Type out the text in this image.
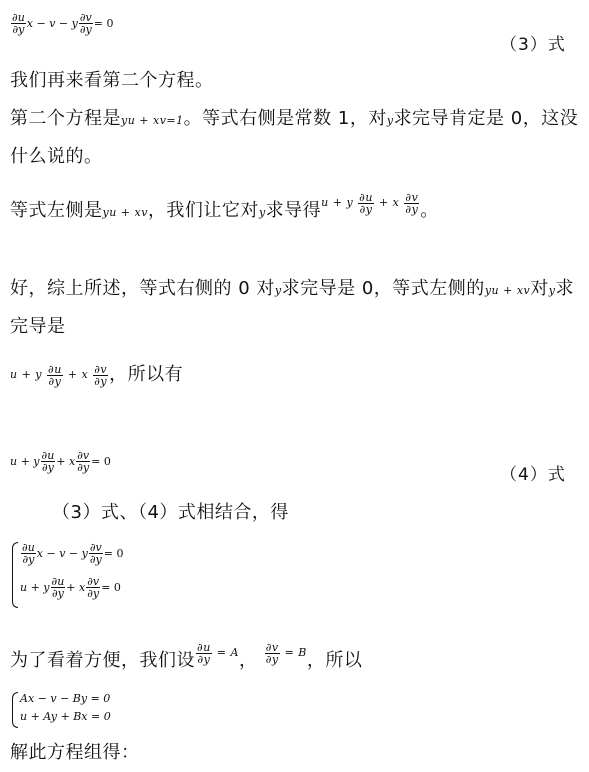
$\frac{\partial u}{\partial y}$ x
− v − y $\frac{\partial v}{\partial y} = 0$
（3）式
我们再来看第二个方程。
第二个方程是yu + xv=1。等式右侧是常数 1，对y求完导肯定是 0，这没
什么说的。
等式左侧是yu + xv，我们让它对y求导得u + y $\frac{\partial u}{\partial y} + x \frac{\partial v}{\partial y}$ 。
好，综上所述，等式右侧的 0 对y求完导是 0，等式左侧的yu + xv对y求
完导是
u + y $\frac{\partial u}{\partial y} + x \frac{\partial v}{\partial y}$ ，所以有
u + y $\frac{\partial u}{\partial y} + x \frac{\partial v}{\partial y} = 0$
（4）式
（3）式、（4）式相结合，得
$\frac{\partial u}{\partial y}$ x
− v − y $\frac{\partial v}{\partial y} = 0$
u + y $\frac{\partial u}{\partial y} + x \frac{\partial v}{\partial y} = 0$
为了看着方便，我们设 $\frac{\partial u}{\partial y} = A$， $\frac{\partial v}{\partial y} = B$，所以
Ax − v − By = 0
u + Ay + Bx = 0
解此方程组得：
